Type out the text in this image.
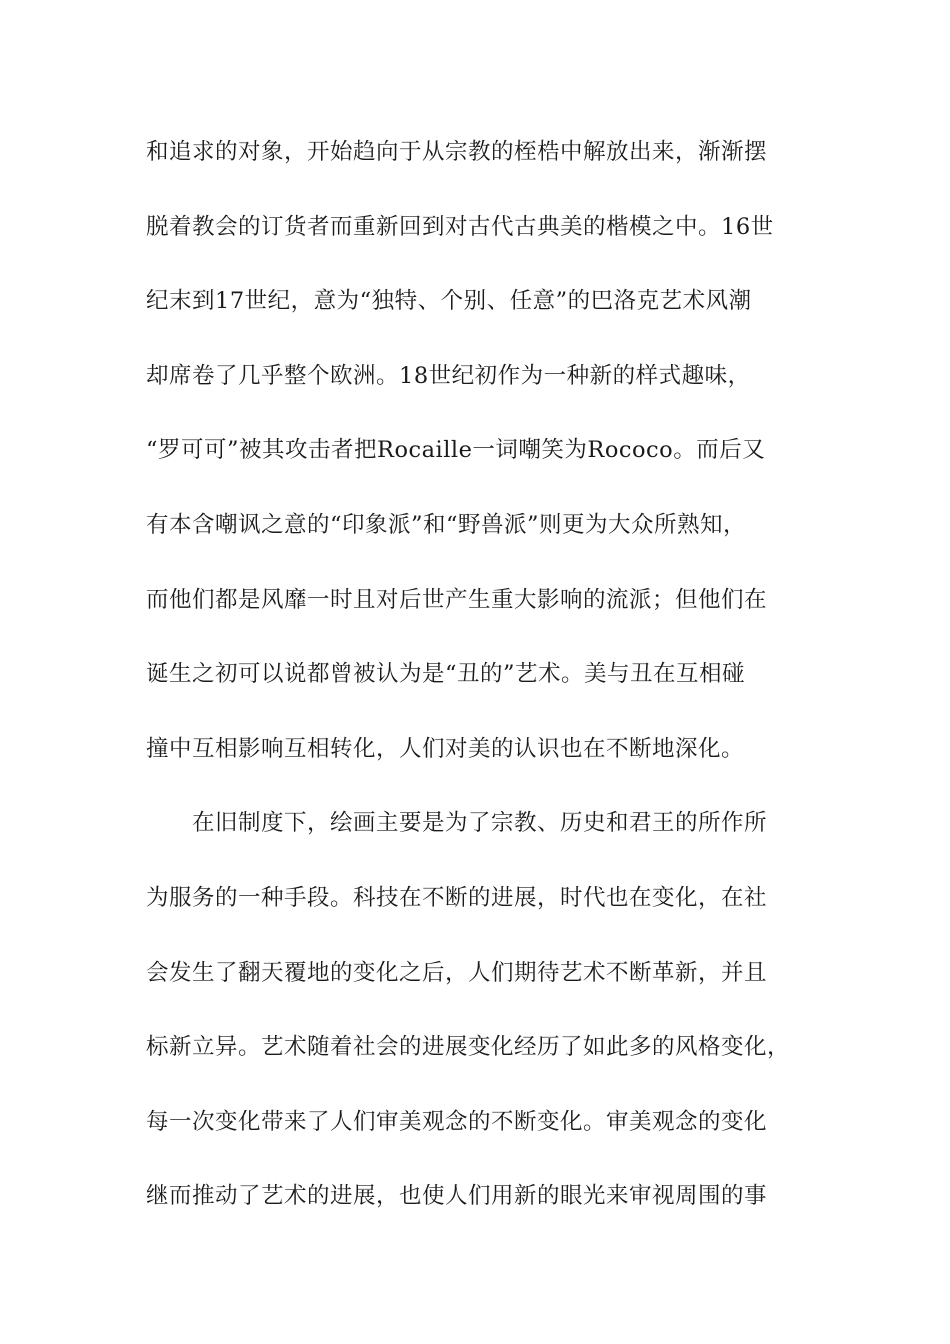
和追求的对象，开始趋向于从宗教的桎梏中解放出来，渐渐摆
脱着教会的订货者而重新回到对古代古典美的楷模之中。16世
纪末到17世纪，意为“独特、个别、任意”的巴洛克艺术风潮
却席卷了几乎整个欧洲。18世纪初作为一种新的样式趣味，
“罗可可”被其攻击者把Rocaille一词嘲笑为Rococo。而后又
有本含嘲讽之意的“印象派”和“野兽派”则更为大众所熟知，
而他们都是风靡一时且对后世产生重大影响的流派；但他们在
诞生之初可以说都曾被认为是“丑的”艺术。美与丑在互相碰
撞中互相影响互相转化，人们对美的认识也在不断地深化。
在旧制度下，绘画主要是为了宗教、历史和君王的所作所
为服务的一种手段。科技在不断的进展，时代也在变化，在社
会发生了翻天覆地的变化之后，人们期待艺术不断革新，并且
标新立异。艺术随着社会的进展变化经历了如此多的风格变化，
每一次变化带来了人们审美观念的不断变化。审美观念的变化
继而推动了艺术的进展，也使人们用新的眼光来审视周围的事
